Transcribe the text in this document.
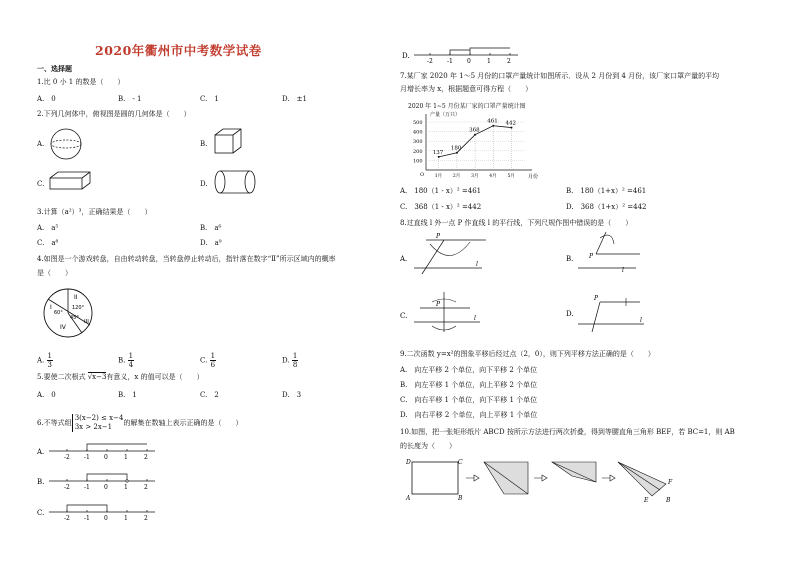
2020年衢州市中考数学试卷
一、选择题
1.比 0 小 1 的数是（　　）
A.　0	B.　- 1	C.　1	D.　±1
2.下列几何体中，俯视图是圆的几何体是（　　）
A.	B.
C.	D.
3.计算（a²）³，正确结果是（　　）
A.　a⁵	B.　a⁶
C.　a⁸	D.　a⁹
4.如图是一个游戏转盘，自由转动转盘，当转盘停止转动后，指针落在数字“Ⅱ”所示区域内的概率
是（　　）
I
II
III
IV
60°
120°
45°
A. $\frac{1}{3}$	B. $\frac{1}{4}$	C. $\frac{1}{6}$	D. $\frac{1}{8}$
5.要使二次根式 √x−3有意义，x 的值可以是（　　）
A.　0	B.　1	C.　2	D.　3
6.不等式组
3(x−2) ≤ x−4
3x > 2x−1	的解集在数轴上表示正确的是（　　）
A.
B.
C.
-2 -1 0	1	2
-2 -1 0	1	2
-2 -1 0	1	2
D.
-2 -1 0	1	2
7.某厂家 2020 年 1～5 月份的口罩产量统计如图所示．设从 2 月份到 4 月份，该厂家口罩产量的平均
月增长率为 x，根据题意可得方程（　　）
2020 年 1~5 月份某厂家的口罩产量统计图
产量（万只）
月份
O
100
200
300
400
500
1月
137
2月
180
3月
368
4月
461
5月
442
A.　180（1 - x）² =461	B.　180（1+x）² =461
C.　368（1 - x）² =442	D.　368（1+x）² =442
8.过直线 l 外一点 P 作直线 l 的平行线，下列尺规作图中错误的是（　　）
A.
P
l
B.	P
l
C.
P
l
D.
P
l
9.二次函数 y=x²的图象平移后经过点（2，0），则下列平移方法正确的是（　　）
A.　向左平移 2 个单位，向下平移 2 个单位
B.　向左平移 1 个单位，向上平移 2 个单位
C.　向右平移 1 个单位，向下平移 1 个单位
D.　向右平移 2 个单位，向上平移 1 个单位
10.如图，把一张矩形纸片 ABCD 按所示方法进行两次折叠，得到等腰直角三角形 BEF，若 BC=1，则 AB
的长度为（　　）
D	C
A	B
F
E	B
